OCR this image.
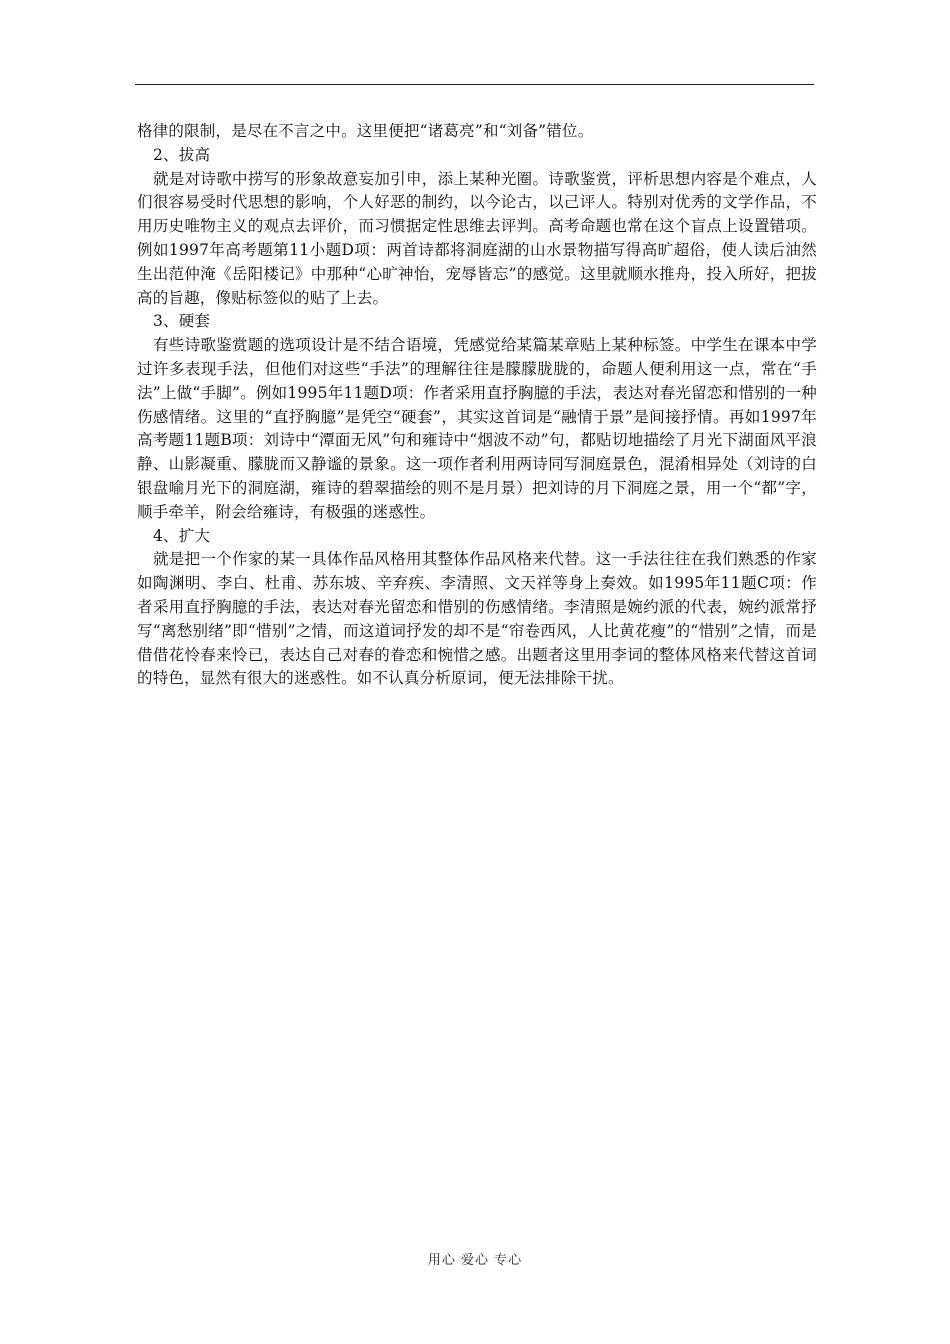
格律的限制，是尽在不言之中。这里便把“诸葛亮”和“刘备”错位。

2、拔高

就是对诗歌中捞写的形象故意妄加引申，添上某种光圈。诗歌鉴赏，评析思想内容是个难点，人们很容易受时代思想的影响，个人好恶的制约，以今论古，以己评人。特别对优秀的文学作品，不用历史唯物主义的观点去评价，而习惯据定性思维去评判。高考命题也常在这个盲点上设置错项。例如1997年高考题第11小题D项：两首诗都将洞庭湖的山水景物描写得高旷超俗，使人读后油然生出范仲淹《岳阳楼记》中那种“心旷神怡，宠辱皆忘”的感觉。这里就顺水推舟，投入所好，把拔高的旨趣，像贴标签似的贴了上去。

3、硬套

有些诗歌鉴赏题的选项设计是不结合语境，凭感觉给某篇某章贴上某种标签。中学生在课本中学过许多表现手法，但他们对这些“手法”的理解往往是朦朦胧胧的，命题人便利用这一点，常在“手法”上做“手脚”。例如1995年11题D项：作者采用直抒胸臆的手法，表达对春光留恋和惜别的一种伤感情绪。这里的“直抒胸臆”是凭空“硬套”，其实这首词是“融情于景”是间接抒情。再如1997年高考题11题B项：刘诗中“潭面无风”句和雍诗中“烟波不动”句，都贴切地描绘了月光下湖面风平浪静、山影凝重、朦胧而又静谧的景象。这一项作者利用两诗同写洞庭景色，混淆相异处（刘诗的白银盘喻月光下的洞庭湖，雍诗的碧翠描绘的则不是月景）把刘诗的月下洞庭之景，用一个“都”字，顺手牵羊，附会给雍诗，有极强的迷惑性。

4、扩大

就是把一个作家的某一具体作品风格用其整体作品风格来代替。这一手法往往在我们熟悉的作家如陶渊明、李白、杜甫、苏东坡、辛弃疾、李清照、文天祥等身上奏效。如1995年11题C项：作者采用直抒胸臆的手法，表达对春光留恋和惜别的伤感情绪。李清照是婉约派的代表，婉约派常抒写“离愁别绪”即“惜别”之情，而这道词抒发的却不是“帘卷西风，人比黄花瘦”的“惜别”之情，而是借借花怜春来怜已，表达自己对春的眷恋和惋惜之感。出题者这里用李词的整体风格来代替这首词的特色，显然有很大的迷惑性。如不认真分析原词，便无法排除干扰。

用心 爱心 专心
